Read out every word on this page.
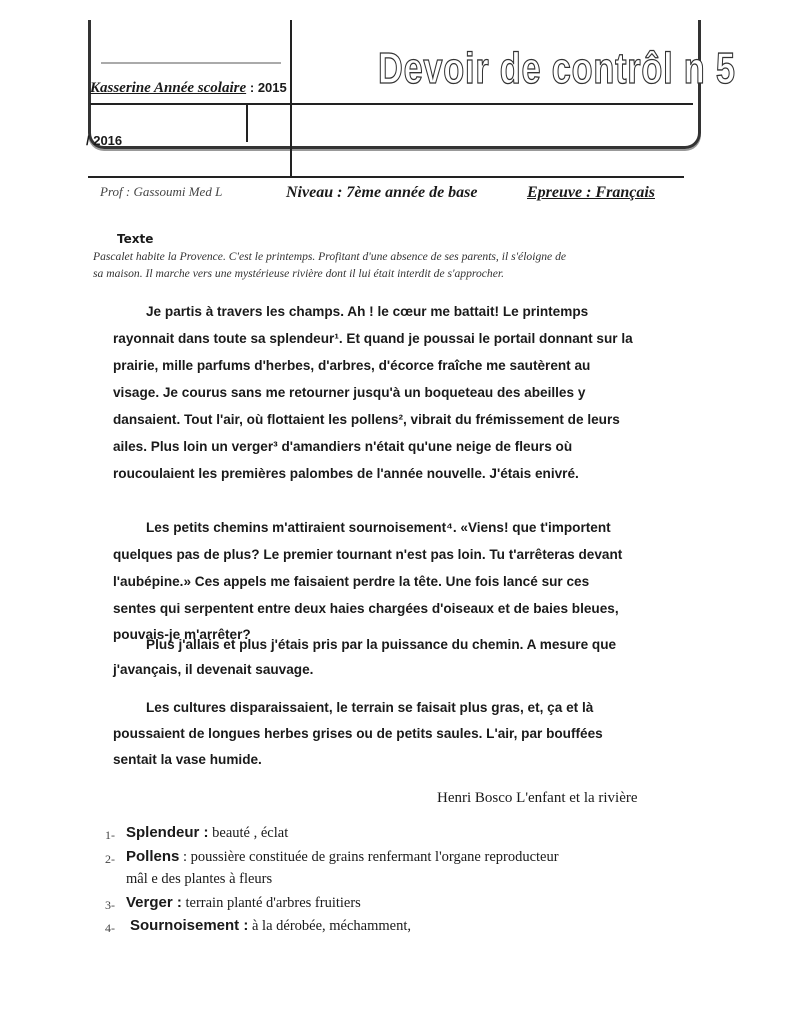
Kasserine Année scolaire : 2015
/ 2016
Devoir de contrôl n 5
Prof : Gassoumi Med L	Niveau : 7ème année de base	Epreuve : Français
Texte
Pascalet habite la Provence. C'est le printemps. Profitant d'une absence de ses parents, il s'éloigne de
sa maison. Il marche vers une mystérieuse rivière dont il lui était interdit de s'approcher.
Je partis à travers les champs. Ah ! le cœur me battait! Le printemps
rayonnait dans toute sa splendeur¹. Et quand je poussai le portail donnant sur la
prairie, mille parfums d'herbes, d'arbres, d'écorce fraîche me sautèrent au
visage. Je courus sans me retourner jusqu'à un boqueteau des abeilles y
dansaient. Tout l'air, où flottaient les pollens², vibrait du frémissement de leurs
ailes. Plus loin un verger³ d'amandiers n'était qu'une neige de fleurs où
roucoulaient les premières palombes de l'année nouvelle. J'étais enivré.
Les petits chemins m'attiraient sournoisement⁴. «Viens! que t'importent
quelques pas de plus? Le premier tournant n'est pas loin. Tu t'arrêteras devant
l'aubépine.» Ces appels me faisaient perdre la tête. Une fois lancé sur ces
sentes qui serpentent entre deux haies chargées d'oiseaux et de baies bleues,
pouvais-je m'arrêter?
Plus j'allais et plus j'étais pris par la puissance du chemin. A mesure que
j'avançais, il devenait sauvage.
Les cultures disparaissaient, le terrain se faisait plus gras, et, ça et là
poussaient de longues herbes grises ou de petits saules. L'air, par bouffées
sentait la vase humide.
Henri Bosco L'enfant et la rivière
1- Splendeur : beauté , éclat
2- Pollens : poussière constituée de grains renfermant l'organe reproducteur
mâl e des plantes à fleurs
3- Verger : terrain planté d'arbres fruitiers
4- Sournoisement : à la dérobée, méchamment,
